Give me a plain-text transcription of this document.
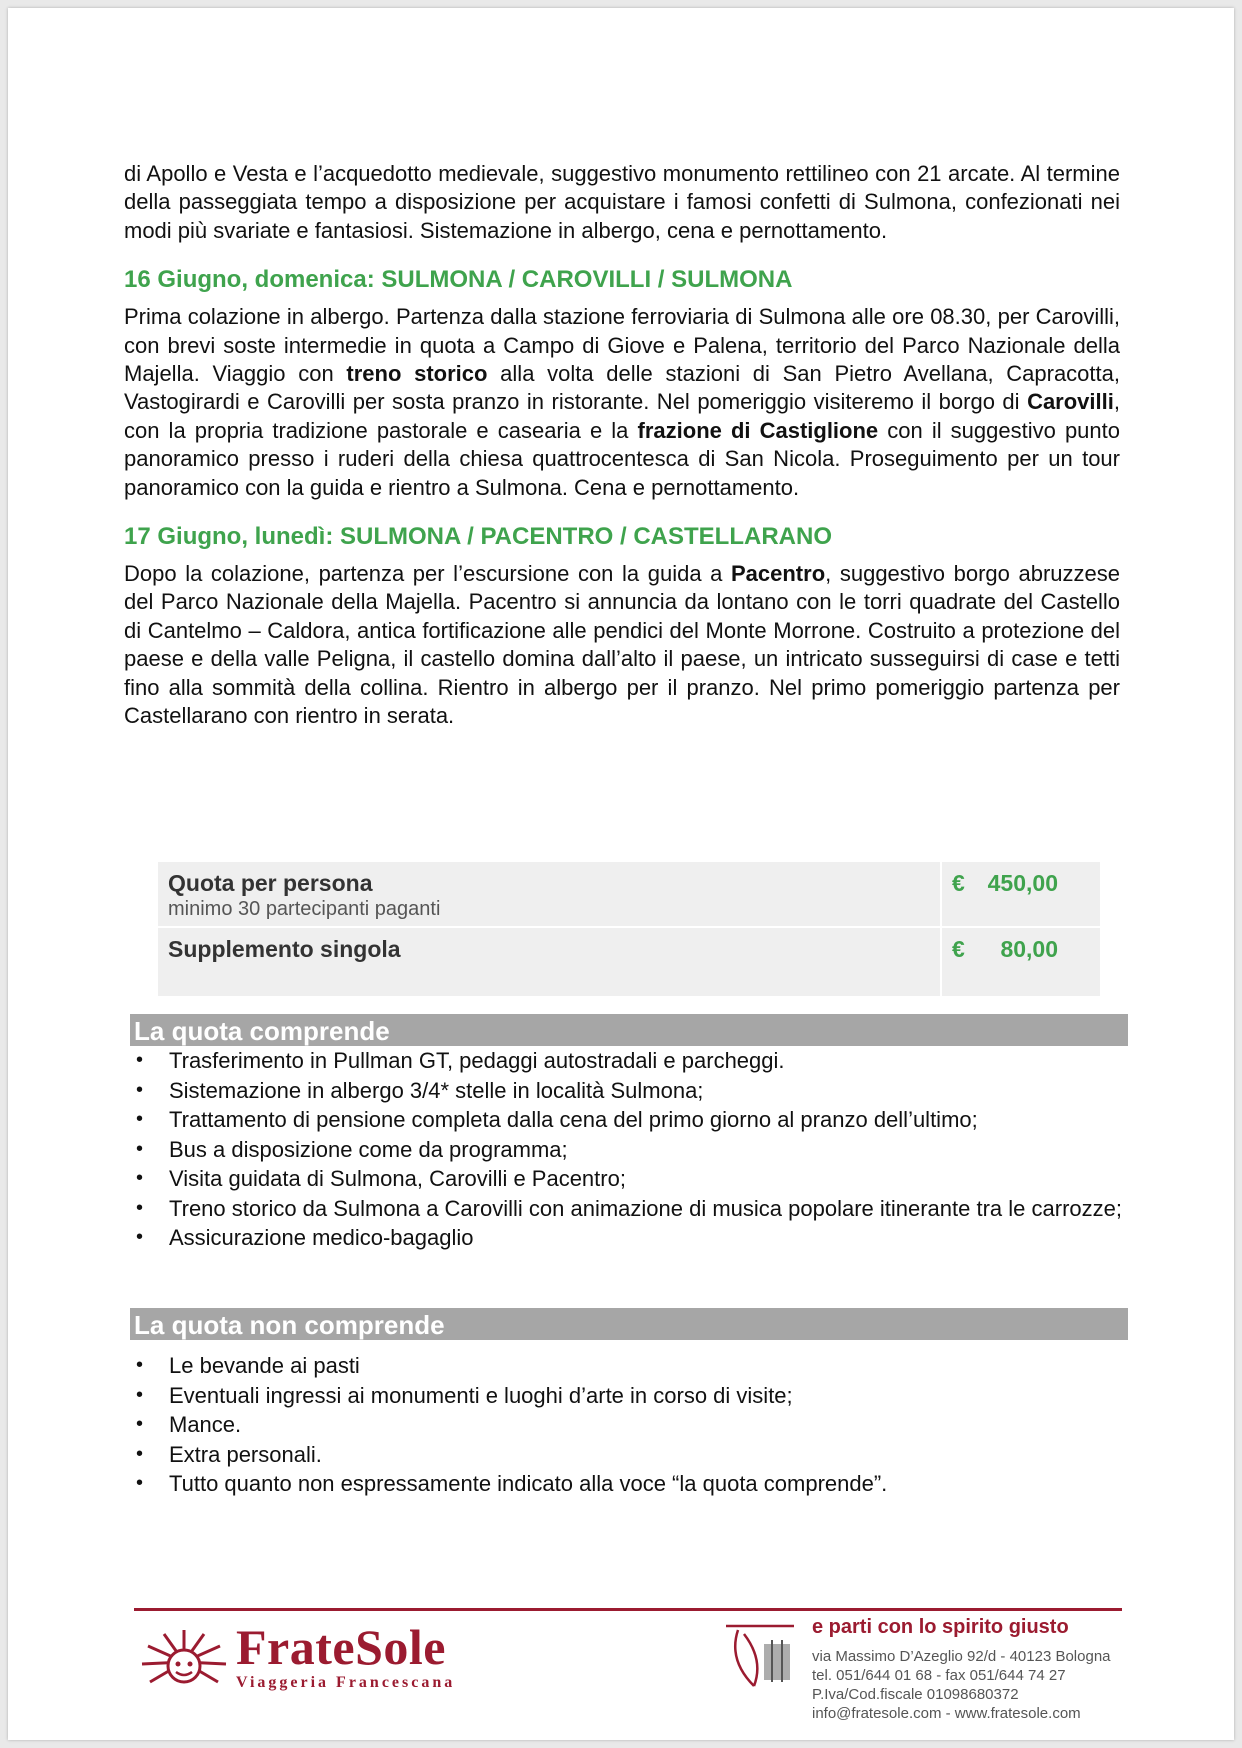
di Apollo e Vesta e l’acquedotto medievale, suggestivo monumento rettilineo con 21 arcate. Al termine della passeggiata tempo a disposizione per acquistare i famosi confetti di Sulmona, confezionati nei modi più svariate e fantasiosi. Sistemazione in albergo, cena e pernottamento.

16 Giugno, domenica: SULMONA / CAROVILLI / SULMONA

Prima colazione in albergo. Partenza dalla stazione ferroviaria di Sulmona alle ore 08.30, per Carovilli, con brevi soste intermedie in quota a Campo di Giove e Palena, territorio del Parco Nazionale della Majella. Viaggio con treno storico alla volta delle stazioni di San Pietro Avellana, Capracotta, Vastogirardi e Carovilli per sosta pranzo in ristorante. Nel pomeriggio visiteremo il borgo di Carovilli, con la propria tradizione pastorale e casearia e la frazione di Castiglione con il suggestivo punto panoramico presso i ruderi della chiesa quattrocentesca di San Nicola. Proseguimento per un tour panoramico con la guida e rientro a Sulmona. Cena e pernottamento.

17 Giugno, lunedì: SULMONA / PACENTRO / CASTELLARANO

Dopo la colazione, partenza per l’escursione con la guida a Pacentro, suggestivo borgo abruzzese del Parco Nazionale della Majella. Pacentro si annuncia da lontano con le torri quadrate del Castello di Cantelmo – Caldora, antica fortificazione alle pendici del Monte Morrone. Costruito a protezione del paese e della valle Peligna, il castello domina dall’alto il paese, un intricato susseguirsi di case e tetti fino alla sommità della collina. Rientro in albergo per il pranzo. Nel primo pomeriggio partenza per Castellarano con rientro in serata.

Quota per persona
minimo 30 partecipanti paganti
€ 450,00
Supplemento singola	€ 80,00
La quota comprende
• Trasferimento in Pullman GT, pedaggi autostradali e parcheggi.
• Sistemazione in albergo 3/4* stelle in località Sulmona;
• Trattamento di pensione completa dalla cena del primo giorno al pranzo dell’ultimo;
• Bus a disposizione come da programma;
• Visita guidata di Sulmona, Carovilli e Pacentro;
• Treno storico da Sulmona a Carovilli con animazione di musica popolare itinerante tra le carrozze;
• Assicurazione medico-bagaglio
La quota non comprende
• Le bevande ai pasti
• Eventuali ingressi ai monumenti e luoghi d’arte in corso di visite;
• Mance.
• Extra personali.
• Tutto quanto non espressamente indicato alla voce “la quota comprende”.
FrateSole
Viaggeria Francescana

e parti con lo spirito giusto

via Massimo D’Azeglio 92/d - 40123 Bologna

tel. 051/644 01 68 - fax 051/644 74 27

P.Iva/Cod.fiscale 01098680372

info@fratesole.com - www.fratesole.com
